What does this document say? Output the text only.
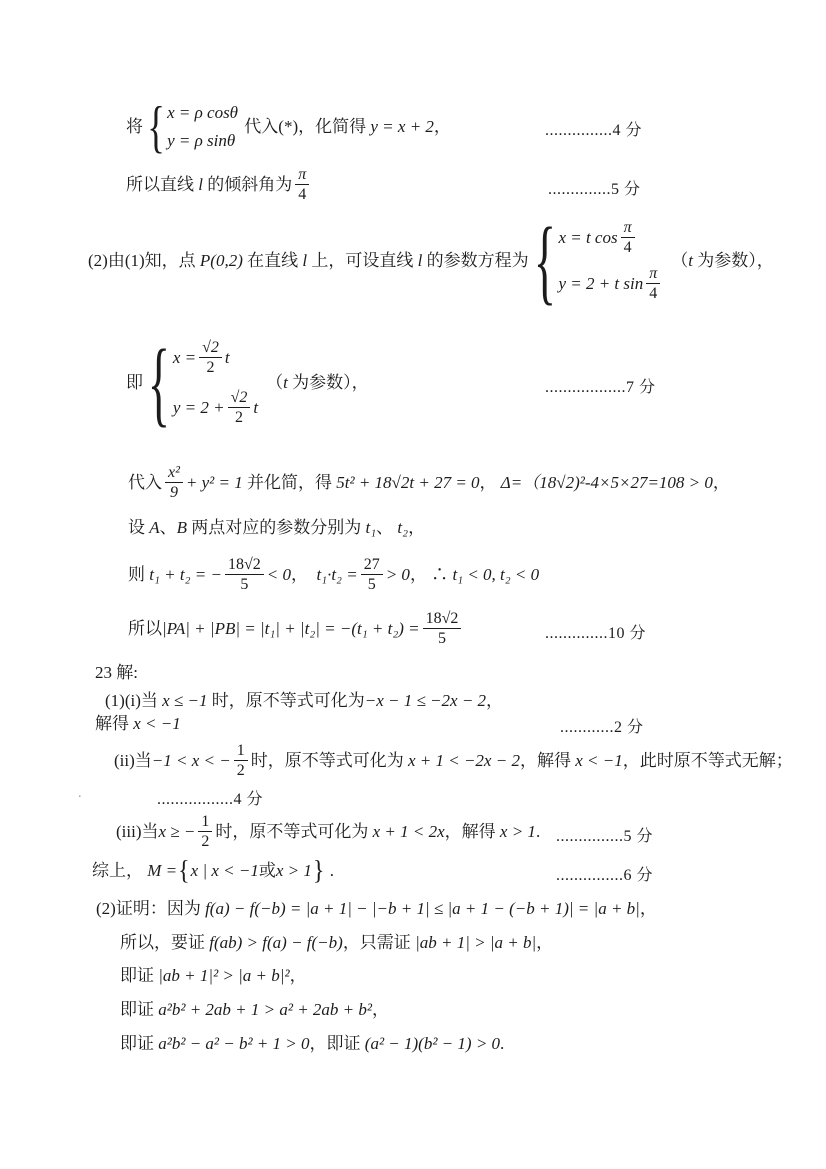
将 { x = ρ cosθ
y = ρ sinθ
代入(*)，化简得 y = x + 2 ，	...............4 分
所以直线 l 的倾斜角为 $\frac{\pi}{4}$	..............5 分
(2)由(1)知，点 P(0,2) 在直线 l 上，可设直线 l 的参数方程为 { x = t $\cos \frac{\pi}{4}$
y = 2 + t $\sin \frac{\pi}{4}$
（ t 为参数），
即 { $x = \frac{√2}{2}$ t
$y = 2 + \frac{√2}{2}$ t
（ t 为参数），	..................7 分
代入 $\frac{\text{x²}}{9} + y^2 = 1$ 并化简，得 5t² + 18√2t + 27 = 0 ， Δ=（18√2)²-4×5×27=108 > 0 ，
设 A 、 B 两点对应的参数分别为 t₁ 、 t₂ ，
则 t₁ + t₂ = − $\frac{18√2}{5} < 0$ ， $t_1\cdot t_2 = \frac{27}{5} > 0$ ， ∴ t₁ < 0, t₂ < 0
所以 $|PA| + |PB| = |t_1| + |t_2| = -(t_1 + t_2) = \frac{18√2}{5}$	..............10 分
23 解:
(1)(i)当 x ≤ −1 时，原不等式可化为 −x − 1 ≤ −2x − 2 ，
解得 x < −1	............2 分
(ii)当 −1 < x < − $\frac{1}{2}$ 时，原不等式可化为 x + 1 < −2x − 2 ，解得 x < −1 ，此时原不等式无解；
.	.................4 分
(iii)当 x ≥ − $\frac{1}{2}$ 时，原不等式可化为 x + 1 < 2x ，解得 x > 1 . ...............5 分
综上， M = { x | x < −1 或 x > 1 } .	...............6 分
(2)证明：因为 f(a) − f(−b) = |a + 1| − |−b + 1| ≤ |a + 1 − (−b + 1)| = |a + b| ，
所以，要证 f(ab) > f(a) − f(−b) ，只需证 |ab + 1| > |a + b| ，
即证 |ab + 1|² > |a + b|² ，
即证 a²b² + 2ab + 1 > a² + 2ab + b² ，
即证 a²b² − a² − b² + 1 > 0 ，即证 (a² − 1)(b² − 1) > 0 .
